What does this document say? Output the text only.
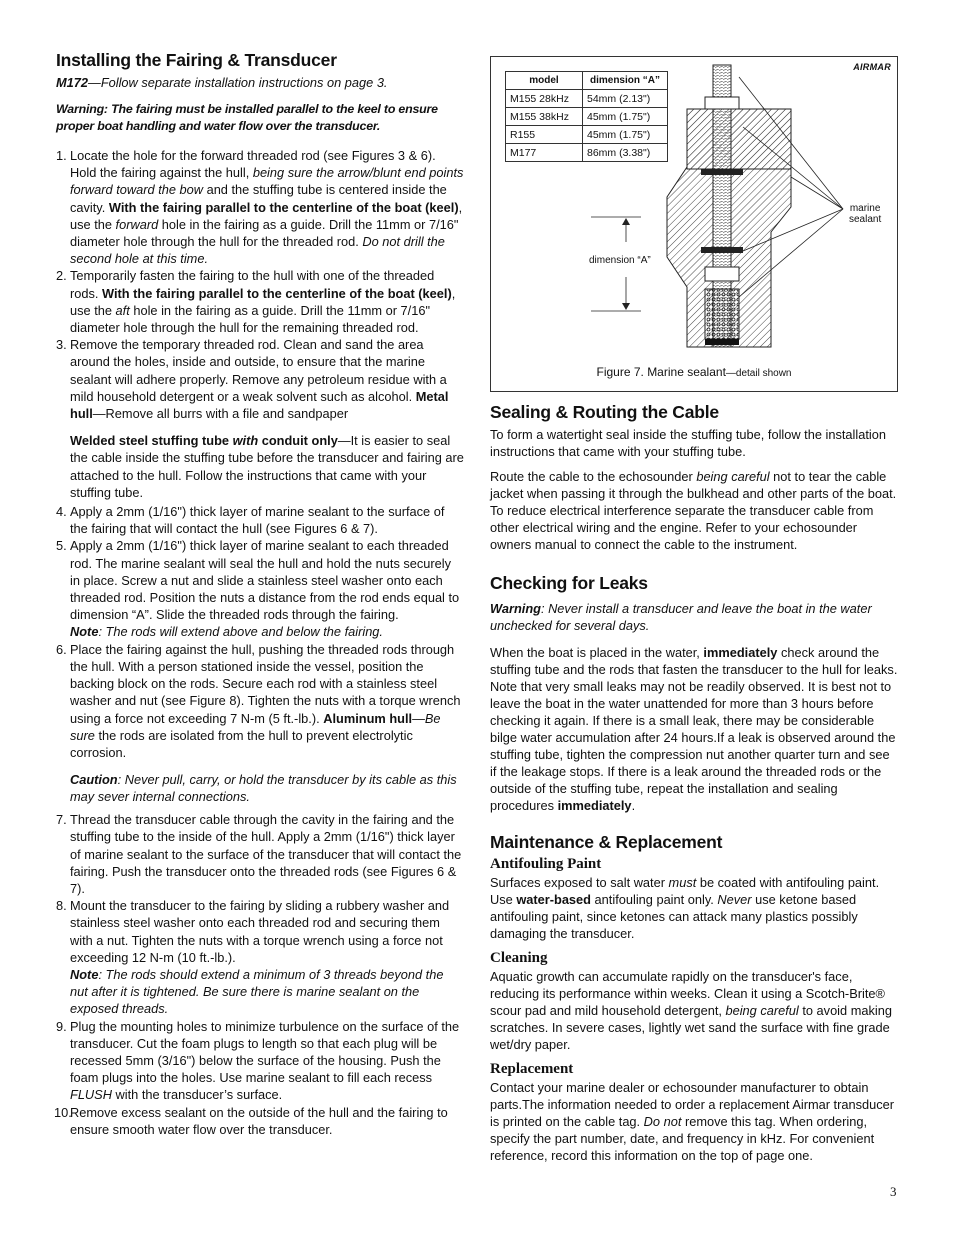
Installing the Fairing & Transducer

M172—Follow separate installation instructions on page 3.

Warning: The fairing must be installed parallel to the keel to ensure proper boat handling and water flow over the transducer.

1. Locate the hole for the forward threaded rod (see Figures 3 & 6). Hold the fairing against the hull, being sure the arrow/blunt end points forward toward the bow and the stuffing tube is centered inside the cavity. With the fairing parallel to the centerline of the boat (keel), use the forward hole in the fairing as a guide. Drill the 11mm or 7/16" diameter hole through the hull for the threaded rod. Do not drill the second hole at this time.
2. Temporarily fasten the fairing to the hull with one of the threaded rods. With the fairing parallel to the centerline of the boat (keel), use the aft hole in the fairing as a guide. Drill the 11mm or 7/16" diameter hole through the hull for the remaining threaded rod.
3. Remove the temporary threaded rod. Clean and sand the area around the holes, inside and outside, to ensure that the marine sealant will adhere properly. Remove any petroleum residue with a mild household detergent or a weak solvent such as alcohol. Metal hull—Remove all burrs with a file and sandpaper
Welded steel stuffing tube with conduit only—It is easier to seal the cable inside the stuffing tube before the transducer and fairing are attached to the hull. Follow the instructions that came with your stuffing tube.
4. Apply a 2mm (1/16") thick layer of marine sealant to the surface of the fairing that will contact the hull (see Figures 6 & 7).
5. Apply a 2mm (1/16") thick layer of marine sealant to each threaded rod. The marine sealant will seal the hull and hold the nuts securely in place. Screw a nut and slide a stainless steel washer onto each threaded rod. Position the nuts a distance from the rod ends equal to dimension “A”. Slide the threaded rods through the fairing.
Note: The rods will extend above and below the fairing.
6. Place the fairing against the hull, pushing the threaded rods through the hull. With a person stationed inside the vessel, position the backing block on the rods. Secure each rod with a stainless steel washer and nut (see Figure 8). Tighten the nuts with a torque wrench using a force not exceeding 7 N-m (5 ft.-lb.). Aluminum hull—Be sure the rods are isolated from the hull to prevent electrolytic corrosion.
Caution: Never pull, carry, or hold the transducer by its cable as this may sever internal connections.
7. Thread the transducer cable through the cavity in the fairing and the stuffing tube to the inside of the hull. Apply a 2mm (1/16") thick layer of marine sealant to the surface of the transducer that will contact the fairing. Push the transducer onto the threaded rods (see Figures 6 & 7).
8. Mount the transducer to the fairing by sliding a rubbery washer and stainless steel washer onto each threaded rod and securing them with a nut. Tighten the nuts with a torque wrench using a force not exceeding 12 N-m (10 ft.-lb.).
Note: The rods should extend a minimum of 3 threads beyond the nut after it is tightened. Be sure there is marine sealant on the exposed threads.
9. Plug the mounting holes to minimize turbulence on the surface of the transducer. Cut the foam plugs to length so that each plug will be recessed 5mm (3/16") below the surface of the housing. Push the foam plugs into the holes. Use marine sealant to fill each recess FLUSH with the transducer’s surface.
10.
Remove excess sealant on the outside of the hull and the fairing to ensure smooth water flow over the transducer.
model	dimension “A”
M155 28kHz	54mm (2.13")
M155 38kHz	45mm (1.75")
R155	45mm (1.75")
M177	86mm (3.38")
AIRMAR
marine
sealant
dimension “A”
Figure 7. Marine sealant—detail shown
Sealing & Routing the Cable

To form a watertight seal inside the stuffing tube, follow the installation instructions that came with your stuffing tube.

Route the cable to the echosounder being careful not to tear the cable jacket when passing it through the bulkhead and other parts of the boat. To reduce electrical interference separate the transducer cable from other electrical wiring and the engine. Refer to your echosounder owners manual to connect the cable to the instrument.

Checking for Leaks

Warning: Never install a transducer and leave the boat in the water unchecked for several days.

When the boat is placed in the water, immediately check around the stuffing tube and the rods that fasten the transducer to the hull for leaks. Note that very small leaks may not be readily observed. It is best not to leave the boat in the water unattended for more than 3 hours before checking it again. If there is a small leak, there may be considerable bilge water accumulation after 24 hours.If a leak is observed around the stuffing tube, tighten the compression nut another quarter turn and see if the leakage stops. If there is a leak around the threaded rods or the outside of the stuffing tube, repeat the installation and sealing procedures immediately.

Maintenance & Replacement
Antifouling Paint

Surfaces exposed to salt water must be coated with antifouling paint. Use water-based antifouling paint only. Never use ketone based antifouling paint, since ketones can attack many plastics possibly damaging the transducer.

Cleaning

Aquatic growth can accumulate rapidly on the transducer's face, reducing its performance within weeks. Clean it using a Scotch-Brite® scour pad and mild household detergent, being careful to avoid making scratches. In severe cases, lightly wet sand the surface with fine grade wet/dry paper.

Replacement

Contact your marine dealer or echosounder manufacturer to obtain parts.The information needed to order a replacement Airmar transducer is printed on the cable tag. Do not remove this tag. When ordering, specify the part number, date, and frequency in kHz. For convenient reference, record this information on the top of page one.

3
